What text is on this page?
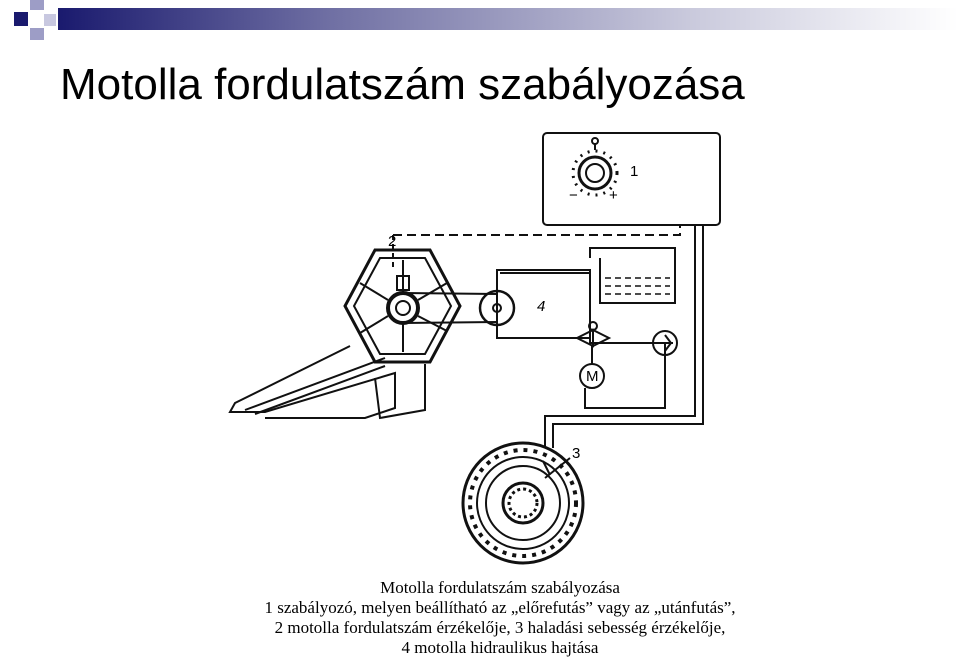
Motolla fordulatszám szabályozása
1
− +
2
4
3
M
Motolla fordulatszám szabályozása
1 szabályozó, melyen beállítható az „előrefutás” vagy az „utánfutás”,
2 motolla fordulatszám érzékelője, 3 haladási sebesség érzékelője,
4 motolla hidraulikus hajtása
